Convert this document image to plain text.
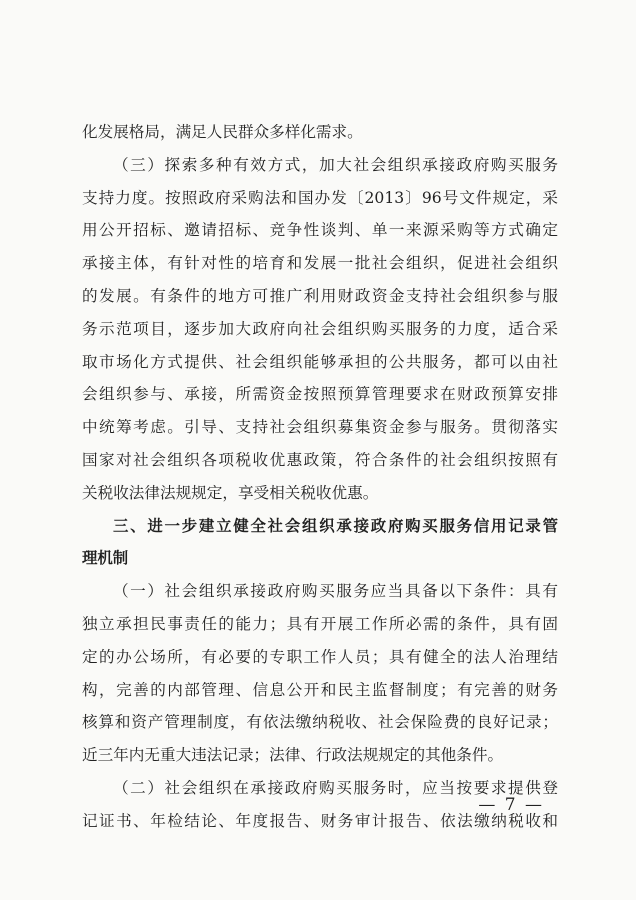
化发展格局，满足人民群众多样化需求。
（三）探索多种有效方式，加大社会组织承接政府购买服务
支持力度。按照政府采购法和国办发〔2013〕96号文件规定，采
用公开招标、邀请招标、竞争性谈判、单一来源采购等方式确定
承接主体，有针对性的培育和发展一批社会组织，促进社会组织
的发展。有条件的地方可推广利用财政资金支持社会组织参与服
务示范项目，逐步加大政府向社会组织购买服务的力度，适合采
取市场化方式提供、社会组织能够承担的公共服务，都可以由社
会组织参与、承接，所需资金按照预算管理要求在财政预算安排
中统筹考虑。引导、支持社会组织募集资金参与服务。贯彻落实
国家对社会组织各项税收优惠政策，符合条件的社会组织按照有
关税收法律法规规定，享受相关税收优惠。
三、进一步建立健全社会组织承接政府购买服务信用记录管
理机制
（一）社会组织承接政府购买服务应当具备以下条件：具有
独立承担民事责任的能力；具有开展工作所必需的条件，具有固
定的办公场所，有必要的专职工作人员；具有健全的法人治理结
构，完善的内部管理、信息公开和民主监督制度；有完善的财务
核算和资产管理制度，有依法缴纳税收、社会保险费的良好记录；
近三年内无重大违法记录；法律、行政法规规定的其他条件。
（二）社会组织在承接政府购买服务时，应当按要求提供登
记证书、年检结论、年度报告、财务审计报告、依法缴纳税收和
— 7 —
